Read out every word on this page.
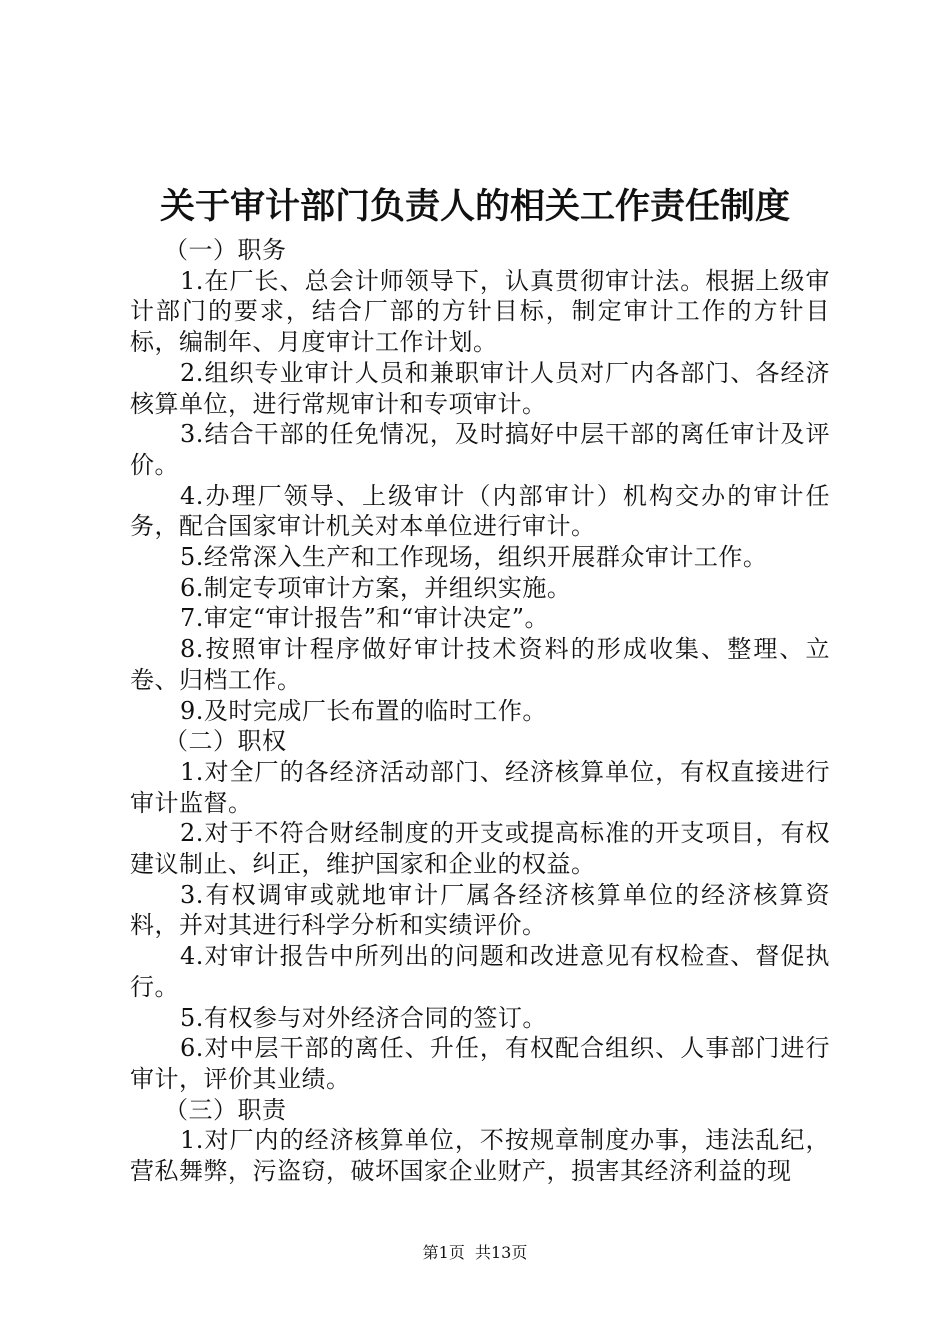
关于审计部门负责人的相关工作责任制度

（一）职务

1.在厂长、总会计师领导下，认真贯彻审计法。根据上级审计部门的要求，结合厂部的方针目标，制定审计工作的方针目标，编制年、月度审计工作计划。

2.组织专业审计人员和兼职审计人员对厂内各部门、各经济核算单位，进行常规审计和专项审计。

3.结合干部的任免情况，及时搞好中层干部的离任审计及评价。

4.办理厂领导、上级审计（内部审计）机构交办的审计任务，配合国家审计机关对本单位进行审计。

5.经常深入生产和工作现场，组织开展群众审计工作。

6.制定专项审计方案，并组织实施。

7.审定“审计报告”和“审计决定”。

8.按照审计程序做好审计技术资料的形成收集、整理、立卷、归档工作。

9.及时完成厂长布置的临时工作。

（二）职权

1.对全厂的各经济活动部门、经济核算单位，有权直接进行审计监督。

2.对于不符合财经制度的开支或提高标准的开支项目，有权建议制止、纠正，维护国家和企业的权益。

3.有权调审或就地审计厂属各经济核算单位的经济核算资料，并对其进行科学分析和实绩评价。

4.对审计报告中所列出的问题和改进意见有权检查、督促执行。

5.有权参与对外经济合同的签订。

6.对中层干部的离任、升任，有权配合组织、人事部门进行审计，评价其业绩。

（三）职责

1.对厂内的经济核算单位，不按规章制度办事，违法乱纪，营私舞弊，污盗窃，破坏国家企业财产，损害其经济利益的现

第1页  共13页
